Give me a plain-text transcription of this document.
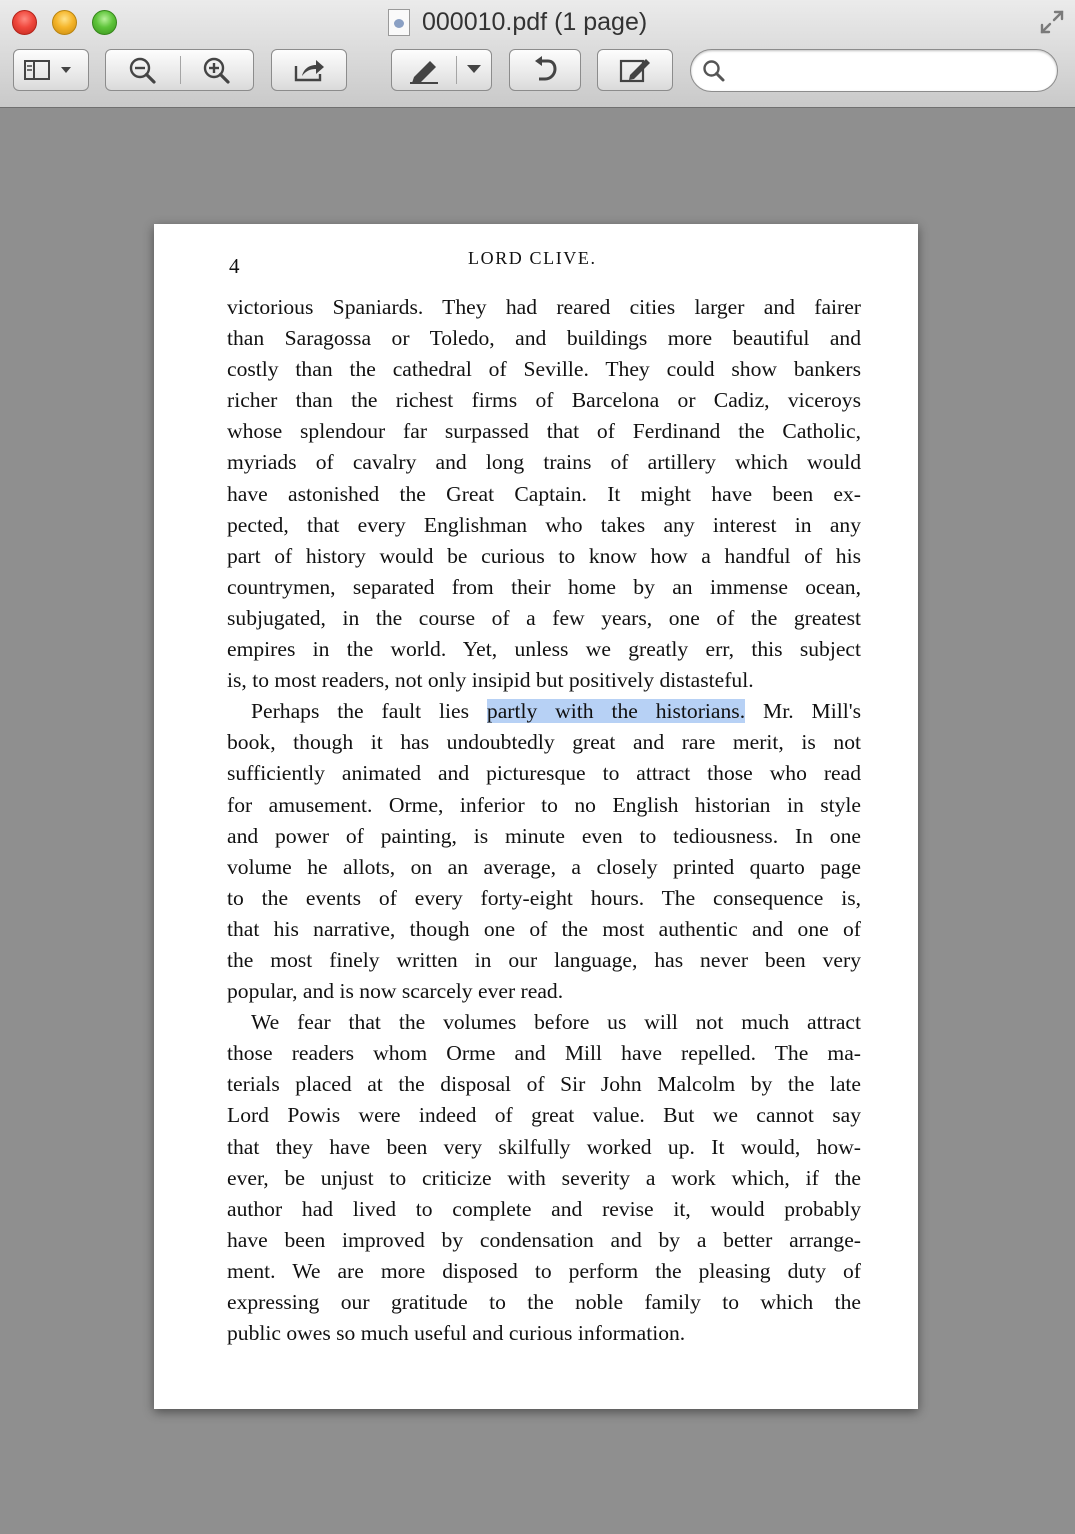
000010.pdf (1 page)
4	LORD CLIVE.
victorious Spaniards. They had reared cities larger and fairer
than Saragossa or Toledo, and buildings more beautiful and
costly than the cathedral of Seville. They could show bankers
richer than the richest firms of Barcelona or Cadiz, viceroys
whose splendour far surpassed that of Ferdinand the Catholic,
myriads of cavalry and long trains of artillery which would
have astonished the Great Captain. It might have been ex-
pected, that every Englishman who takes any interest in any
part of history would be curious to know how a handful of his
countrymen, separated from their home by an immense ocean,
subjugated, in the course of a few years, one of the greatest
empires in the world. Yet, unless we greatly err, this subject
is, to most readers, not only insipid but positively distasteful.
Perhaps the fault lies partly with the historians. Mr. Mill's
book, though it has undoubtedly great and rare merit, is not
sufficiently animated and picturesque to attract those who read
for amusement. Orme, inferior to no English historian in style
and power of painting, is minute even to tediousness. In one
volume he allots, on an average, a closely printed quarto page
to the events of every forty-eight hours. The consequence is,
that his narrative, though one of the most authentic and one of
the most finely written in our language, has never been very
popular, and is now scarcely ever read.
We fear that the volumes before us will not much attract
those readers whom Orme and Mill have repelled. The ma-
terials placed at the disposal of Sir John Malcolm by the late
Lord Powis were indeed of great value. But we cannot say
that they have been very skilfully worked up. It would, how-
ever, be unjust to criticize with severity a work which, if the
author had lived to complete and revise it, would probably
have been improved by condensation and by a better arrange-
ment. We are more disposed to perform the pleasing duty of
expressing our gratitude to the noble family to which the
public owes so much useful and curious information.
